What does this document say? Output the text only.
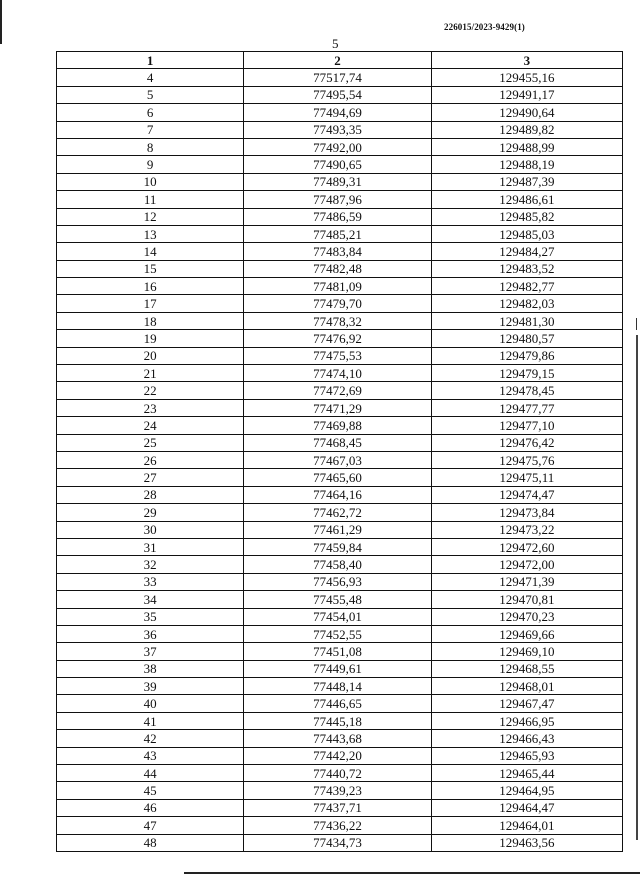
226015/2023-9429(1)
5
1	2	3
4	77517,74	129455,16
5	77495,54	129491,17
6	77494,69	129490,64
7	77493,35	129489,82
8	77492,00	129488,99
9	77490,65	129488,19
10	77489,31	129487,39
11	77487,96	129486,61
12	77486,59	129485,82
13	77485,21	129485,03
14	77483,84	129484,27
15	77482,48	129483,52
16	77481,09	129482,77
17	77479,70	129482,03
18	77478,32	129481,30
19	77476,92	129480,57
20	77475,53	129479,86
21	77474,10	129479,15
22	77472,69	129478,45
23	77471,29	129477,77
24	77469,88	129477,10
25	77468,45	129476,42
26	77467,03	129475,76
27	77465,60	129475,11
28	77464,16	129474,47
29	77462,72	129473,84
30	77461,29	129473,22
31	77459,84	129472,60
32	77458,40	129472,00
33	77456,93	129471,39
34	77455,48	129470,81
35	77454,01	129470,23
36	77452,55	129469,66
37	77451,08	129469,10
38	77449,61	129468,55
39	77448,14	129468,01
40	77446,65	129467,47
41	77445,18	129466,95
42	77443,68	129466,43
43	77442,20	129465,93
44	77440,72	129465,44
45	77439,23	129464,95
46	77437,71	129464,47
47	77436,22	129464,01
48	77434,73	129463,56
